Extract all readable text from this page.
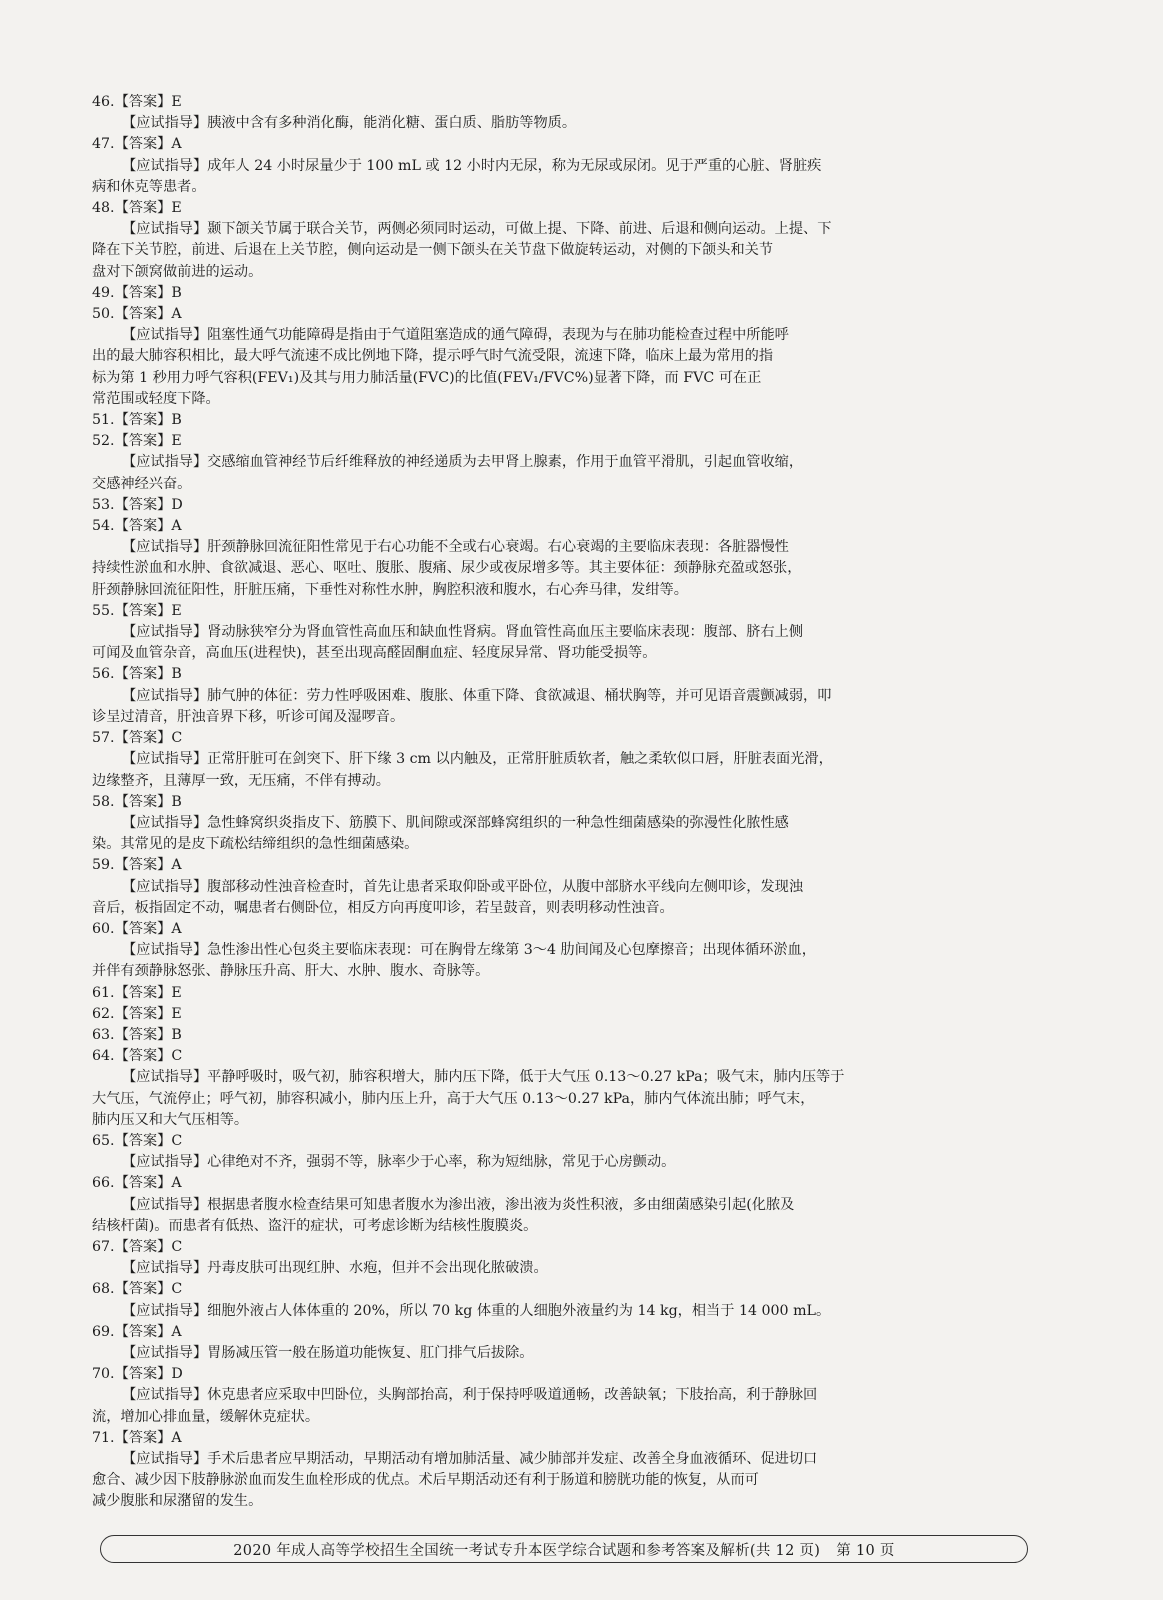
46.【答案】E
【应试指导】胰液中含有多种消化酶，能消化糖、蛋白质、脂肪等物质。
47.【答案】A
【应试指导】成年人 24 小时尿量少于 100 mL 或 12 小时内无尿，称为无尿或尿闭。见于严重的心脏、肾脏疾
病和休克等患者。
48.【答案】E
【应试指导】颞下颌关节属于联合关节，两侧必须同时运动，可做上提、下降、前进、后退和侧向运动。上提、下
降在下关节腔，前进、后退在上关节腔，侧向运动是一侧下颌头在关节盘下做旋转运动，对侧的下颌头和关节
盘对下颌窝做前进的运动。
49.【答案】B
50.【答案】A
【应试指导】阻塞性通气功能障碍是指由于气道阻塞造成的通气障碍，表现为与在肺功能检查过程中所能呼
出的最大肺容积相比，最大呼气流速不成比例地下降，提示呼气时气流受限，流速下降，临床上最为常用的指
标为第 1 秒用力呼气容积(FEV₁)及其与用力肺活量(FVC)的比值(FEV₁/FVC%)显著下降，而 FVC 可在正
常范围或轻度下降。
51.【答案】B
52.【答案】E
【应试指导】交感缩血管神经节后纤维释放的神经递质为去甲肾上腺素，作用于血管平滑肌，引起血管收缩，
交感神经兴奋。
53.【答案】D
54.【答案】A
【应试指导】肝颈静脉回流征阳性常见于右心功能不全或右心衰竭。右心衰竭的主要临床表现：各脏器慢性
持续性淤血和水肿、食欲减退、恶心、呕吐、腹胀、腹痛、尿少或夜尿增多等。其主要体征：颈静脉充盈或怒张，
肝颈静脉回流征阳性，肝脏压痛，下垂性对称性水肿，胸腔积液和腹水，右心奔马律，发绀等。
55.【答案】E
【应试指导】肾动脉狭窄分为肾血管性高血压和缺血性肾病。肾血管性高血压主要临床表现：腹部、脐右上侧
可闻及血管杂音，高血压(进程快)，甚至出现高醛固酮血症、轻度尿异常、肾功能受损等。
56.【答案】B
【应试指导】肺气肿的体征：劳力性呼吸困难、腹胀、体重下降、食欲减退、桶状胸等，并可见语音震颤减弱，叩
诊呈过清音，肝浊音界下移，听诊可闻及湿啰音。
57.【答案】C
【应试指导】正常肝脏可在剑突下、肝下缘 3 cm 以内触及，正常肝脏质软者，触之柔软似口唇，肝脏表面光滑，
边缘整齐，且薄厚一致，无压痛，不伴有搏动。
58.【答案】B
【应试指导】急性蜂窝织炎指皮下、筋膜下、肌间隙或深部蜂窝组织的一种急性细菌感染的弥漫性化脓性感
染。其常见的是皮下疏松结缔组织的急性细菌感染。
59.【答案】A
【应试指导】腹部移动性浊音检查时，首先让患者采取仰卧或平卧位，从腹中部脐水平线向左侧叩诊，发现浊
音后，板指固定不动，嘱患者右侧卧位，相反方向再度叩诊，若呈鼓音，则表明移动性浊音。
60.【答案】A
【应试指导】急性渗出性心包炎主要临床表现：可在胸骨左缘第 3～4 肋间闻及心包摩擦音；出现体循环淤血，
并伴有颈静脉怒张、静脉压升高、肝大、水肿、腹水、奇脉等。
61.【答案】E
62.【答案】E
63.【答案】B
64.【答案】C
【应试指导】平静呼吸时，吸气初，肺容积增大，肺内压下降，低于大气压 0.13～0.27 kPa；吸气末，肺内压等于
大气压，气流停止；呼气初，肺容积减小，肺内压上升，高于大气压 0.13～0.27 kPa，肺内气体流出肺；呼气末，
肺内压又和大气压相等。
65.【答案】C
【应试指导】心律绝对不齐，强弱不等，脉率少于心率，称为短绌脉，常见于心房颤动。
66.【答案】A
【应试指导】根据患者腹水检查结果可知患者腹水为渗出液，渗出液为炎性积液，多由细菌感染引起(化脓及
结核杆菌)。而患者有低热、盗汗的症状，可考虑诊断为结核性腹膜炎。
67.【答案】C
【应试指导】丹毒皮肤可出现红肿、水疱，但并不会出现化脓破溃。
68.【答案】C
【应试指导】细胞外液占人体体重的 20%，所以 70 kg 体重的人细胞外液量约为 14 kg，相当于 14 000 mL。
69.【答案】A
【应试指导】胃肠减压管一般在肠道功能恢复、肛门排气后拔除。
70.【答案】D
【应试指导】休克患者应采取中凹卧位，头胸部抬高，利于保持呼吸道通畅，改善缺氧；下肢抬高，利于静脉回
流，增加心排血量，缓解休克症状。
71.【答案】A
【应试指导】手术后患者应早期活动，早期活动有增加肺活量、减少肺部并发症、改善全身血液循环、促进切口
愈合、减少因下肢静脉淤血而发生血栓形成的优点。术后早期活动还有利于肠道和膀胱功能的恢复，从而可
减少腹胀和尿潴留的发生。
2020 年成人高等学校招生全国统一考试专升本医学综合试题和参考答案及解析(共 12 页) 第 10 页
